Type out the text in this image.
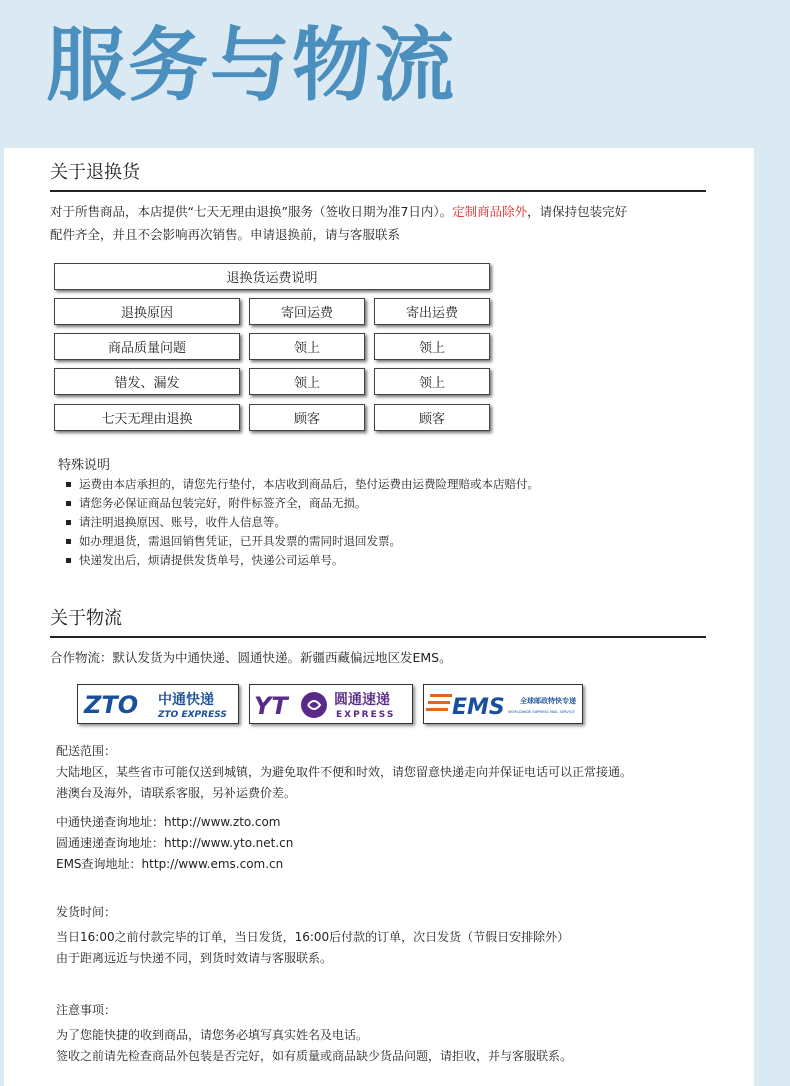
服务与物流
关于退换货
对于所售商品，本店提供“七天无理由退换”服务（签收日期为准7日内）。定制商品除外，请保持包装完好
配件齐全，并且不会影响再次销售。申请退换前，请与客服联系
退换货运费说明
退换原因	寄回运费	寄出运费
商品质量问题	领上	领上
错发、漏发	领上	领上
七天无理由退换	顾客	顾客
特殊说明
运费由本店承担的，请您先行垫付，本店收到商品后，垫付运费由运费险理赔或本店赔付。
请您务必保证商品包装完好，附件标签齐全，商品无损。
请注明退换原因、账号，收件人信息等。
如办理退货，需退回销售凭证，已开具发票的需同时退回发票。
快递发出后，烦请提供发货单号，快递公司运单号。
关于物流
合作物流：默认发货为中通快递、圆通快递。新疆西藏偏远地区发EMS。
ZTO 中通快递
ZTO EXPRESS YT	圆通速递
EXPRESS	EMS 全球邮政特快专递
WORLDWIDE EXPRESS MAIL SERVICE
配送范围：
大陆地区，某些省市可能仅送到城镇，为避免取件不便和时效，请您留意快递走向并保证电话可以正常接通。
港澳台及海外，请联系客服，另补运费价差。
中通快递查询地址：http://www.zto.com
圆通速递查询地址：http://www.yto.net.cn
EMS查询地址：http://www.ems.com.cn
发货时间：
当日16:00之前付款完毕的订单，当日发货，16:00后付款的订单，次日发货（节假日安排除外）
由于距离远近与快递不同，到货时效请与客服联系。
注意事项：
为了您能快捷的收到商品，请您务必填写真实姓名及电话。
签收之前请先检查商品外包装是否完好，如有质量或商品缺少货品问题，请拒收，并与客服联系。
